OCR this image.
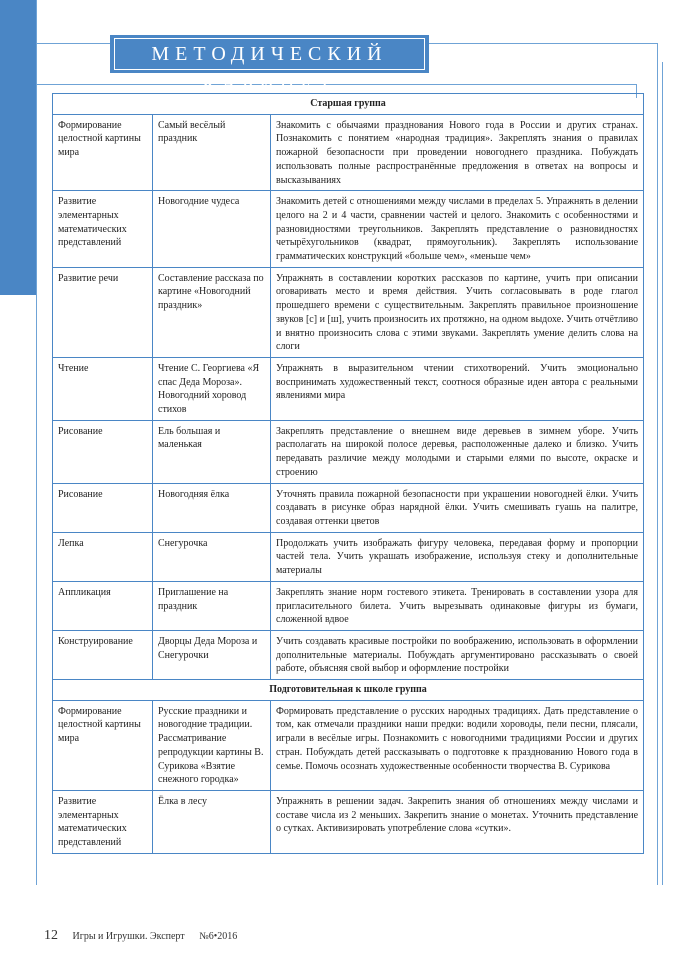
МЕТОДИЧЕСКИЙ КАБИНЕТ
Старшая группа		
Формирование целостной картины мира	Самый весёлый праздник	Знакомить с обычаями празднования Нового года в России и других странах. Познакомить с понятием «народная традиция». Закреплять знания о правилах пожарной безопасности при проведении новогоднего праздника. Побуждать использовать полные распространённые предложения в ответах на вопросы и высказываниях
Развитие элементарных математических представлений	Новогодние чудеса	Знакомить детей с отношениями между числами в пределах 5. Упражнять в делении целого на 2 и 4 части, сравнении частей и целого. Знакомить с особенностями и разновидностями треугольников. Закреплять представление о разновидностях четырёхугольников (квадрат, прямоугольник). Закреплять использование грамматических конструкций «больше чем», «меньше чем»
Развитие речи	Составление рассказа по картине «Новогодний праздник»	Упражнять в составлении коротких рассказов по картине, учить при описании оговаривать место и время действия. Учить согласовывать в роде глагол прошедшего времени с существительным. Закреплять правильное произношение звуков [с] и [ш], учить произносить их протяжно, на одном выдохе. Учить отчётливо и внятно произносить слова с этими звуками. Закреплять умение делить слова на слоги
Чтение	Чтение С. Георгиева «Я спас Деда Мороза». Новогодний хоровод стихов	Упражнять в выразительном чтении стихотворений. Учить эмоционально воспринимать художественный текст, соотнося образные иден автора с реальными явлениями мира
Рисование	Ель большая и маленькая	Закреплять представление о внешнем виде деревьев в зимнем уборе. Учить располагать на широкой полосе деревья, расположенные далеко и близко. Учить передавать различие между молодыми и старыми елями по высоте, окраске и строению
Рисование	Новогодняя ёлка	Уточнять правила пожарной безопасности при украшении новогодней ёлки. Учить создавать в рисунке образ нарядной ёлки. Учить смешивать гуашь на палитре, создавая оттенки цветов
Лепка	Снегурочка	Продолжать учить изображать фигуру человека, передавая форму и пропорции частей тела. Учить украшать изображение, используя стеку и дополнительные материалы
Аппликация	Приглашение на праздник	Закреплять знание норм гостевого этикета. Тренировать в составлении узора для пригласительного билета. Учить вырезывать одинаковые фигуры из бумаги, сложенной вдвое
Конструирование	Дворцы Деда Мороза и Снегурочки	Учить создавать красивые постройки по воображению, использовать в оформлении дополнительные материалы. Побуждать аргументировано рассказывать о своей работе, объясняя свой выбор и оформление постройки
Подготовительная к школе группа		
Формирование целостной картины мира	Русские праздники и новогодние традиции. Рассматривание репродукции картины В. Сурикова «Взятие снежного городка»	Формировать представление о русских народных традициях. Дать представление о том, как отмечали праздники наши предки: водили хороводы, пели песни, плясали, играли в весёлые игры. Познакомить с новогодними традициями России и других стран. Побуждать детей рассказывать о подготовке к празднованию Нового года в семье. Помочь осознать художественные особенности творчества В. Сурикова
Развитие элементарных математических представлений	Ёлка в лесу	Упражнять в решении задач. Закрепить знания об отношениях между числами и составе числа из 2 меньших. Закрепить знание о монетах. Уточнить представление о сутках. Активизировать употребление слова «сутки».
12 Игры и Игрушки. Эксперт №6•2016
